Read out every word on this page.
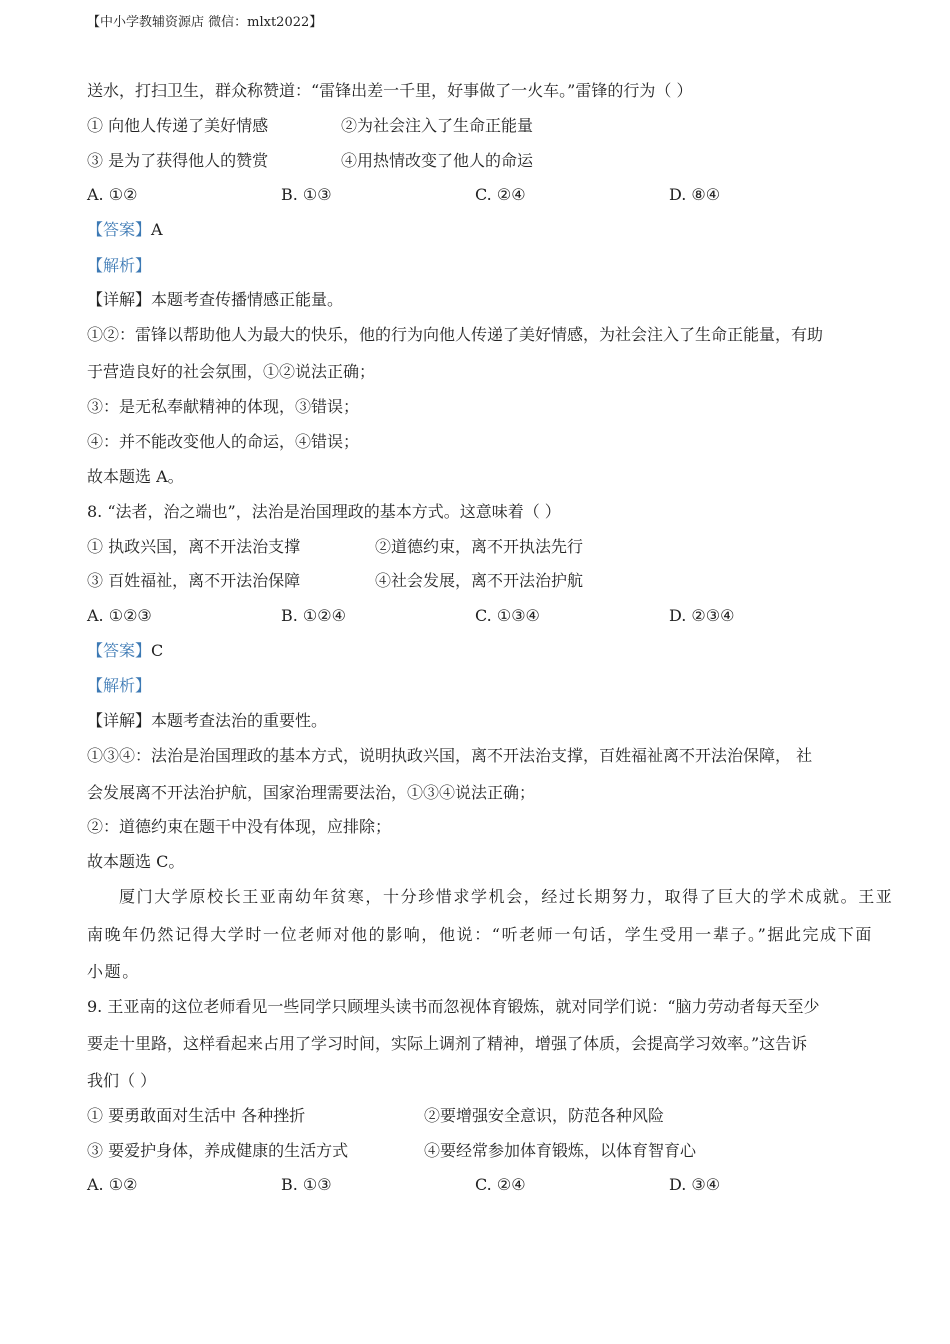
【中小学教辅资源店 微信：mlxt2022】
送水，打扫卫生，群众称赞道：“雷锋出差一千里，好事做了一火车。”雷锋的行为（ ）
① 向他人传递了美好情感	②为社会注入了生命正能量
③ 是为了获得他人的赞赏	④用热情改变了他人的命运
A. ①②	B. ①③	C. ②④	D. ⑧④
【答案】A
【解析】
【详解】本题考查传播情感正能量。
①②：雷锋以帮助他人为最大的快乐，他的行为向他人传递了美好情感，为社会注入了生命正能量，有助
于营造良好的社会氛围，①②说法正确；
③：是无私奉献精神的体现，③错误；
④：并不能改变他人的命运，④错误；
故本题选 A。
8. “法者，治之端也”，法治是治国理政的基本方式。这意味着（ ）
① 执政兴国，离不开法治支撑	②道德约束，离不开执法先行
③ 百姓福祉，离不开法治保障	④社会发展，离不开法治护航
A. ①②③	B. ①②④	C. ①③④	D. ②③④
【答案】C
【解析】
【详解】本题考查法治的重要性。
①③④：法治是治国理政的基本方式，说明执政兴国，离不开法治支撑，百姓福祉离不开法治保障， 社
会发展离不开法治护航，国家治理需要法治，①③④说法正确；
②：道德约束在题干中没有体现，应排除；
故本题选 C。
厦门大学原校长王亚南幼年贫寒，十分珍惜求学机会，经过长期努力，取得了巨大的学术成就。王亚
南晚年仍然记得大学时一位老师对他的影响，他说：“听老师一句话，学生受用一辈子。”据此完成下面
小题。
9. 王亚南的这位老师看见一些同学只顾埋头读书而忽视体育锻炼，就对同学们说：“脑力劳动者每天至少
要走十里路，这样看起来占用了学习时间，实际上调剂了精神，增强了体质，会提高学习效率。”这告诉
我们（ ）
① 要勇敢面对生活中 各种挫折	②要增强安全意识，防范各种风险
③ 要爱护身体，养成健康的生活方式	④要经常参加体育锻炼，以体育智育心
A. ①②	B. ①③	C. ②④	D. ③④
